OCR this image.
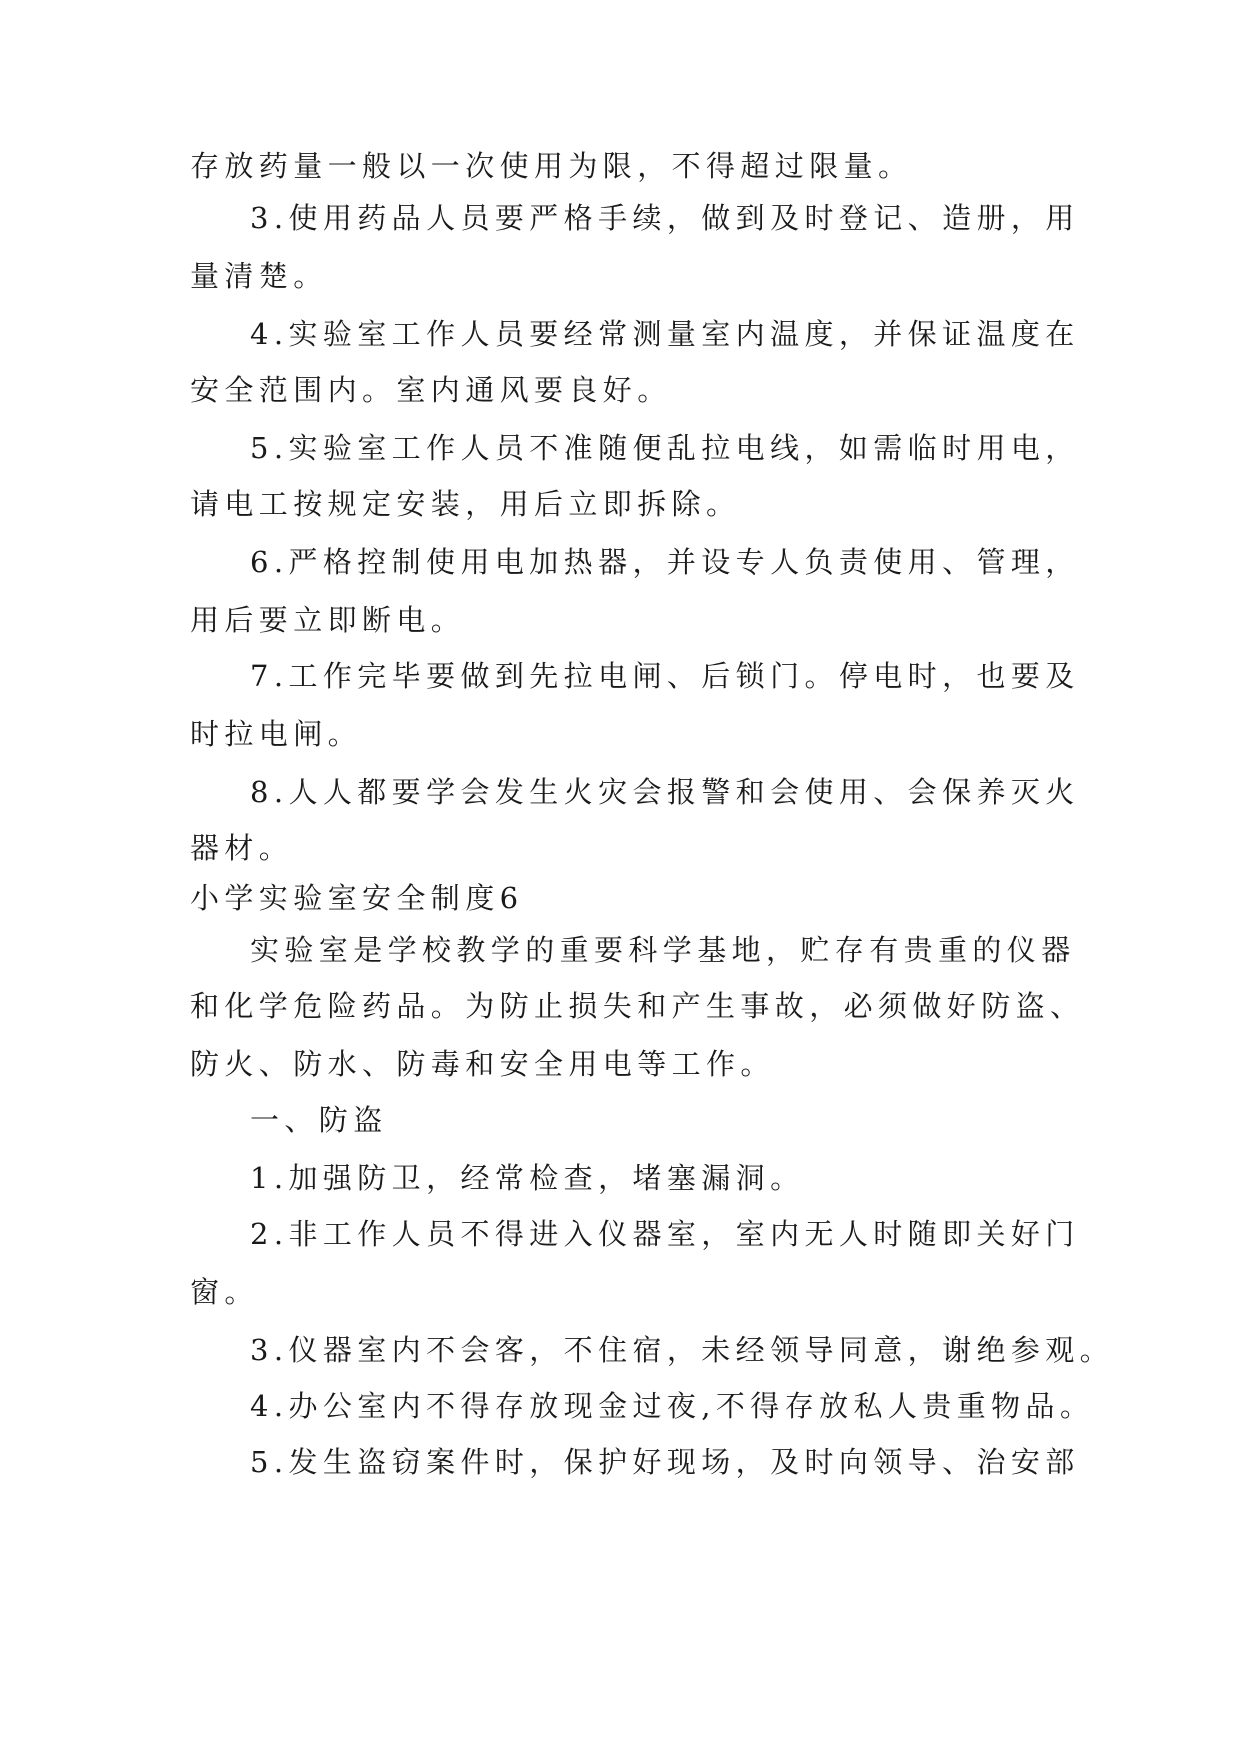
存放药量一般以一次使用为限，不得超过限量。
3.使用药品人员要严格手续，做到及时登记、造册，用
量清楚。
4.实验室工作人员要经常测量室内温度，并保证温度在
安全范围内。室内通风要良好。
5.实验室工作人员不准随便乱拉电线，如需临时用电，
请电工按规定安装，用后立即拆除。
6.严格控制使用电加热器，并设专人负责使用、管理，
用后要立即断电。
7.工作完毕要做到先拉电闸、后锁门。停电时，也要及
时拉电闸。
8.人人都要学会发生火灾会报警和会使用、会保养灭火
器材。
小学实验室安全制度6
实验室是学校教学的重要科学基地，贮存有贵重的仪器
和化学危险药品。为防止损失和产生事故，必须做好防盗、
防火、防水、防毒和安全用电等工作。
一、防盗
1.加强防卫，经常检查，堵塞漏洞。
2.非工作人员不得进入仪器室，室内无人时随即关好门
窗。
3.仪器室内不会客，不住宿，未经领导同意，谢绝参观。
4.办公室内不得存放现金过夜,不得存放私人贵重物品。
5.发生盗窃案件时，保护好现场，及时向领导、治安部
